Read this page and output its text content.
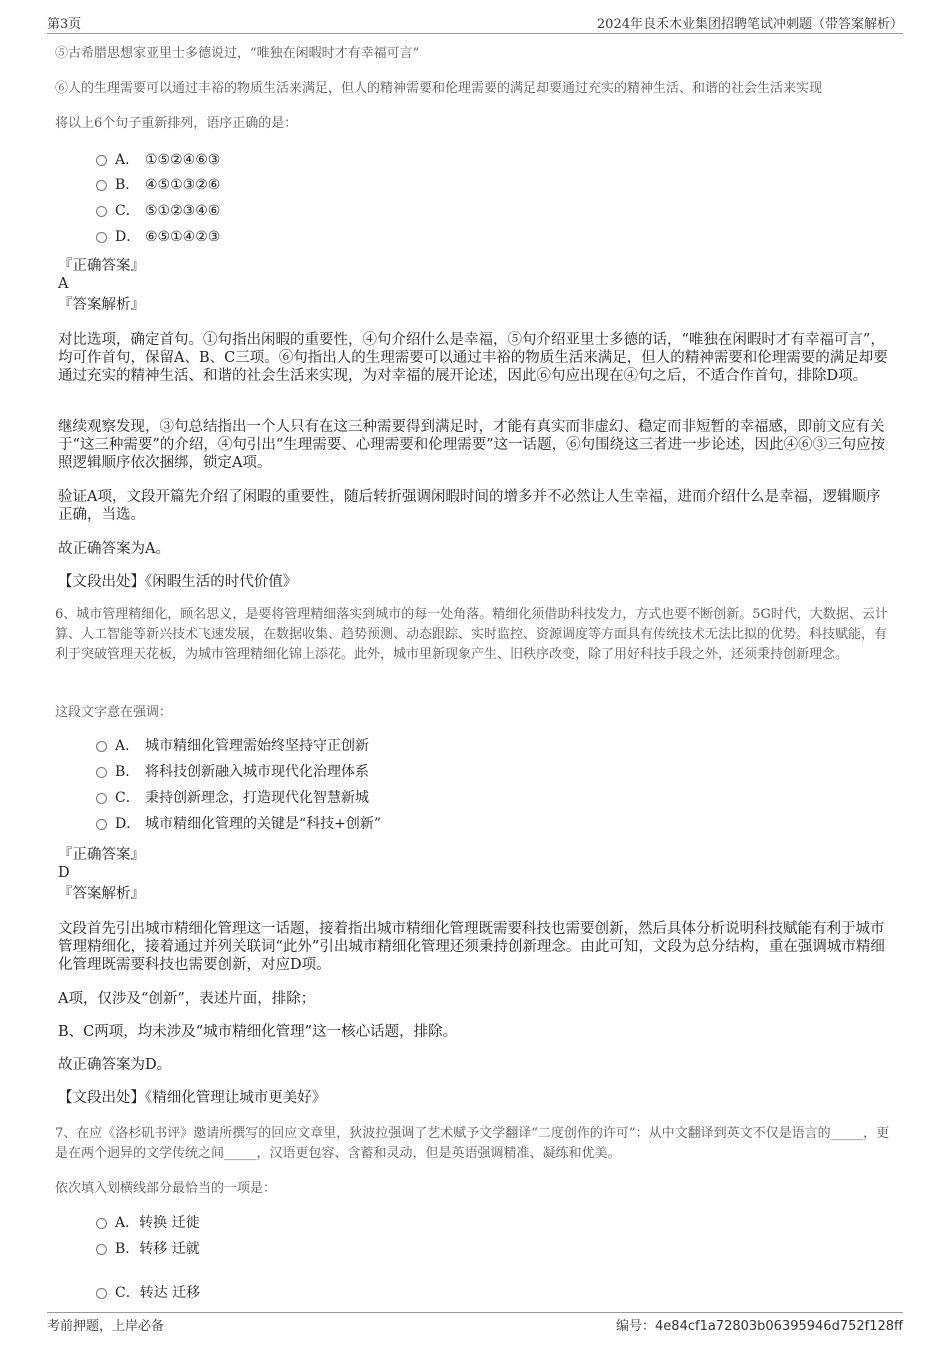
第3页	2024年良禾木业集团招聘笔试冲刺题（带答案解析）
⑤古希腊思想家亚里士多德说过，“唯独在闲暇时才有幸福可言”
⑥人的生理需要可以通过丰裕的物质生活来满足，但人的精神需要和伦理需要的满足却要通过充实的精神生活、和谐的社会生活来实现
将以上6个句子重新排列，语序正确的是：
A． ①⑤②④⑥③
B． ④⑤①③②⑥
C． ⑤①②③④⑥
D． ⑥⑤①④②③
『正确答案』
A
『答案解析』
对比选项，确定首句。①句指出闲暇的重要性，④句介绍什么是幸福，⑤句介绍亚里士多德的话，“唯独在闲暇时才有幸福可言”，均可作首句，保留A、B、C三项。⑥句指出人的生理需要可以通过丰裕的物质生活来满足，但人的精神需要和伦理需要的满足却要通过充实的精神生活、和谐的社会生活来实现，为对幸福的展开论述，因此⑥句应出现在④句之后，不适合作首句，排除D项。
继续观察发现，③句总结指出一个人只有在这三种需要得到满足时，才能有真实而非虚幻、稳定而非短暂的幸福感，即前文应有关于“这三种需要”的介绍，④句引出“生理需要、心理需要和伦理需要”这一话题，⑥句围绕这三者进一步论述，因此④⑥③三句应按照逻辑顺序依次捆绑，锁定A项。
验证A项，文段开篇先介绍了闲暇的重要性，随后转折强调闲暇时间的增多并不必然让人生幸福，进而介绍什么是幸福，逻辑顺序正确，当选。
故正确答案为A。
【文段出处】《闲暇生活的时代价值》
6、城市管理精细化，顾名思义，是要将管理精细落实到城市的每一处角落。精细化须借助科技发力，方式也要不断创新。5G时代，大数据、云计算、人工智能等新兴技术飞速发展，在数据收集、趋势预测、动态跟踪、实时监控、资源调度等方面具有传统技术无法比拟的优势。科技赋能，有利于突破管理天花板，为城市管理精细化锦上添花。此外，城市里新现象产生、旧秩序改变，除了用好科技手段之外，还须秉持创新理念。
这段文字意在强调：
A． 城市精细化管理需始终坚持守正创新
B． 将科技创新融入城市现代化治理体系
C． 秉持创新理念，打造现代化智慧新城
D． 城市精细化管理的关键是“科技+创新”
『正确答案』
D
『答案解析』
文段首先引出城市精细化管理这一话题，接着指出城市精细化管理既需要科技也需要创新，然后具体分析说明科技赋能有利于城市管理精细化，接着通过并列关联词“此外”引出城市精细化管理还须秉持创新理念。由此可知，文段为总分结构，重在强调城市精细化管理既需要科技也需要创新，对应D项。
A项，仅涉及“创新”，表述片面，排除；
B、C两项，均未涉及“城市精细化管理”这一核心话题，排除。
故正确答案为D。
【文段出处】《精细化管理让城市更美好》
7、在应《洛杉矶书评》邀请所撰写的回应文章里，狄波拉强调了艺术赋予文学翻译“二度创作的许可”：从中文翻译到英文不仅是语言的_____，更是在两个迥异的文学传统之间_____，汉语更包容、含蓄和灵动，但是英语强调精准、凝练和优美。
依次填入划横线部分最恰当的一项是：
A．转换 迁徙
B．转移 迁就
C．转达 迁移
考前押题，上岸必备	编号：4e84cf1a72803b06395946d752f128ff
